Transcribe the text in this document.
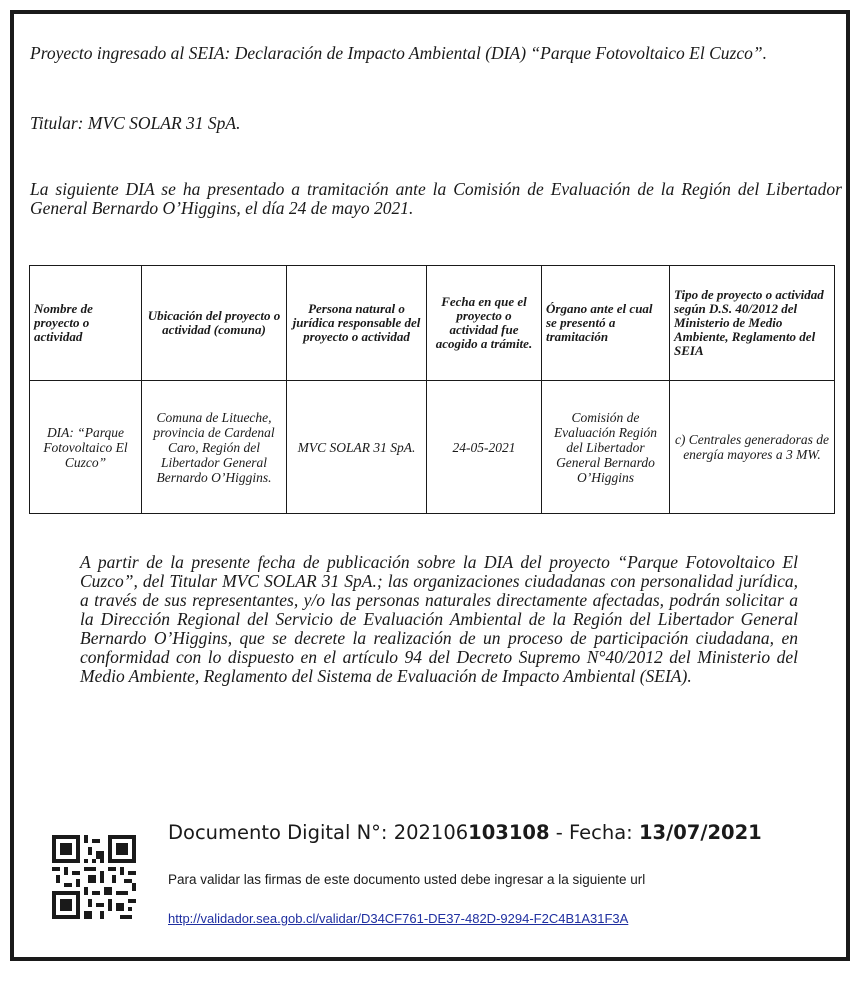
Proyecto ingresado al SEIA: Declaración de Impacto Ambiental (DIA) “Parque Fotovoltaico El Cuzco”.

Titular: MVC SOLAR 31 SpA.

La siguiente DIA se ha presentado a tramitación ante la Comisión de Evaluación de la Región del Libertador General Bernardo O’Higgins, el día 24 de mayo 2021.

Nombre de proyecto o actividad	Ubicación del proyecto o actividad (comuna)	Persona natural o jurídica responsable del proyecto o actividad	Fecha en que el proyecto o actividad fue acogido a trámite.	Órgano ante el cual se presentó a tramitación	Tipo de proyecto o actividad según D.S. 40/2012 del Ministerio de Medio Ambiente, Reglamento del SEIA
DIA: “Parque Fotovoltaico El Cuzco”	Comuna de Litueche, provincia de Cardenal Caro, Región del Libertador General Bernardo O’Higgins.	MVC SOLAR 31 SpA.	24-05-2021	Comisión de Evaluación Región del Libertador General Bernardo O’Higgins	c) Centrales generadoras de energía mayores a 3 MW.

A partir de la presente fecha de publicación sobre la DIA del proyecto “Parque Fotovoltaico El Cuzco”, del Titular MVC SOLAR 31 SpA.; las organizaciones ciudadanas con personalidad jurídica, a través de sus representantes, y/o las personas naturales directamente afectadas, podrán solicitar a la Dirección Regional del Servicio de Evaluación Ambiental de la Región del Libertador General Bernardo O’Higgins, que se decrete la realización de un proceso de participación ciudadana, en conformidad con lo dispuesto en el artículo 94 del Decreto Supremo N°40/2012 del Ministerio del Medio Ambiente, Reglamento del Sistema de Evaluación de Impacto Ambiental (SEIA).

Documento Digital N°: 202106103108 - Fecha: 13/07/2021
Para validar las firmas de este documento usted debe ingresar a la siguiente url
http://validador.sea.gob.cl/validar/D34CF761-DE37-482D-9294-F2C4B1A31F3A
